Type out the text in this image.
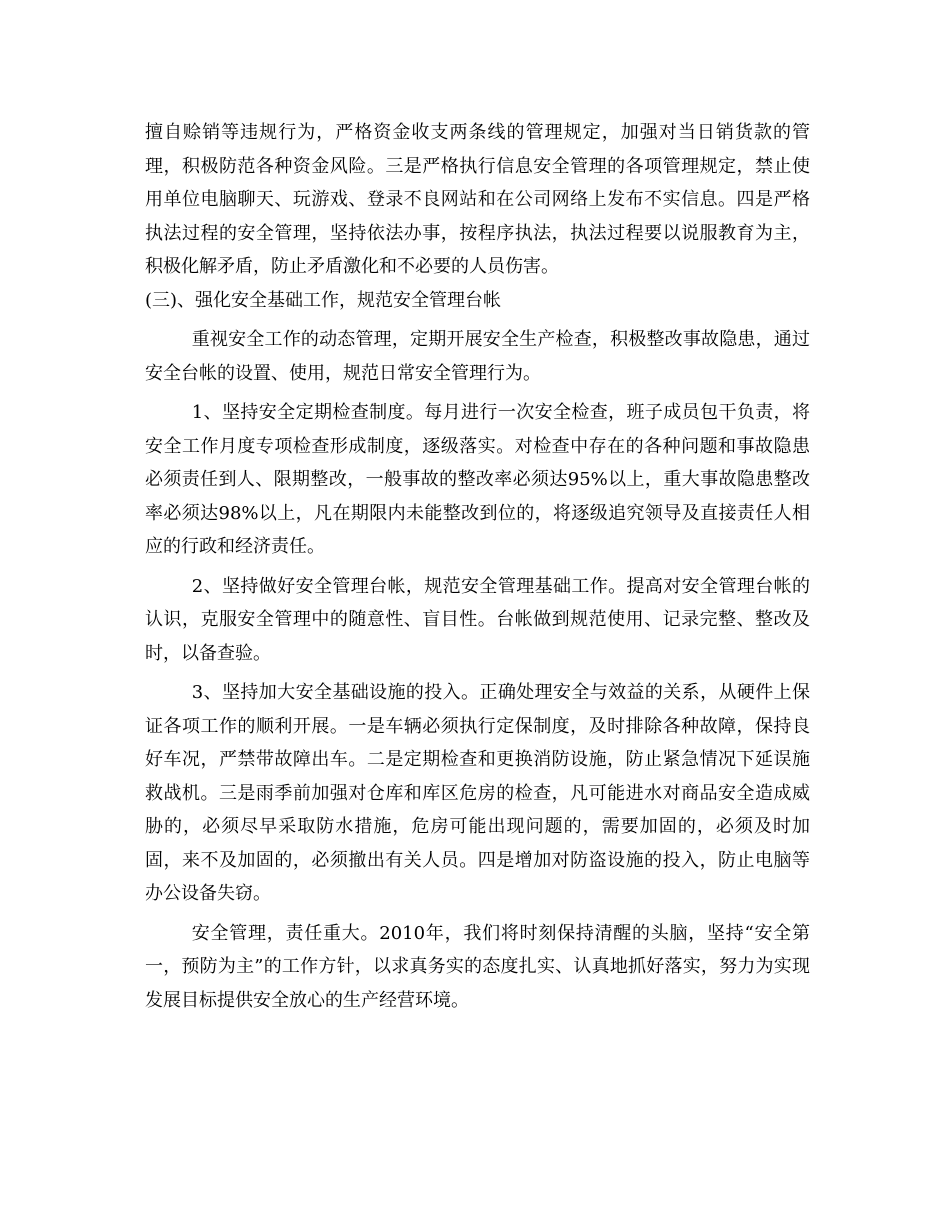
擅自赊销等违规行为，严格资金收支两条线的管理规定，加强对当日销货款的管理，积极防范各种资金风险。三是严格执行信息安全管理的各项管理规定，禁止使用单位电脑聊天、玩游戏、登录不良网站和在公司网络上发布不实信息。四是严格执法过程的安全管理，坚持依法办事，按程序执法，执法过程要以说服教育为主，积极化解矛盾，防止矛盾激化和不必要的人员伤害。

(三)、强化安全基础工作，规范安全管理台帐

重视安全工作的动态管理，定期开展安全生产检查，积极整改事故隐患，通过安全台帐的设置、使用，规范日常安全管理行为。

1、坚持安全定期检查制度。每月进行一次安全检查，班子成员包干负责，将安全工作月度专项检查形成制度，逐级落实。对检查中存在的各种问题和事故隐患必须责任到人、限期整改，一般事故的整改率必须达95%以上，重大事故隐患整改率必须达98%以上，凡在期限内未能整改到位的，将逐级追究领导及直接责任人相应的行政和经济责任。

2、坚持做好安全管理台帐，规范安全管理基础工作。提高对安全管理台帐的认识，克服安全管理中的随意性、盲目性。台帐做到规范使用、记录完整、整改及时，以备查验。

3、坚持加大安全基础设施的投入。正确处理安全与效益的关系，从硬件上保证各项工作的顺利开展。一是车辆必须执行定保制度，及时排除各种故障，保持良好车况，严禁带故障出车。二是定期检查和更换消防设施，防止紧急情况下延误施救战机。三是雨季前加强对仓库和库区危房的检查，凡可能进水对商品安全造成威胁的，必须尽早采取防水措施，危房可能出现问题的，需要加固的，必须及时加固，来不及加固的，必须撤出有关人员。四是增加对防盗设施的投入，防止电脑等办公设备失窃。

安全管理，责任重大。2010年，我们将时刻保持清醒的头脑，坚持“安全第一，预防为主”的工作方针，以求真务实的态度扎实、认真地抓好落实，努力为实现发展目标提供安全放心的生产经营环境。
